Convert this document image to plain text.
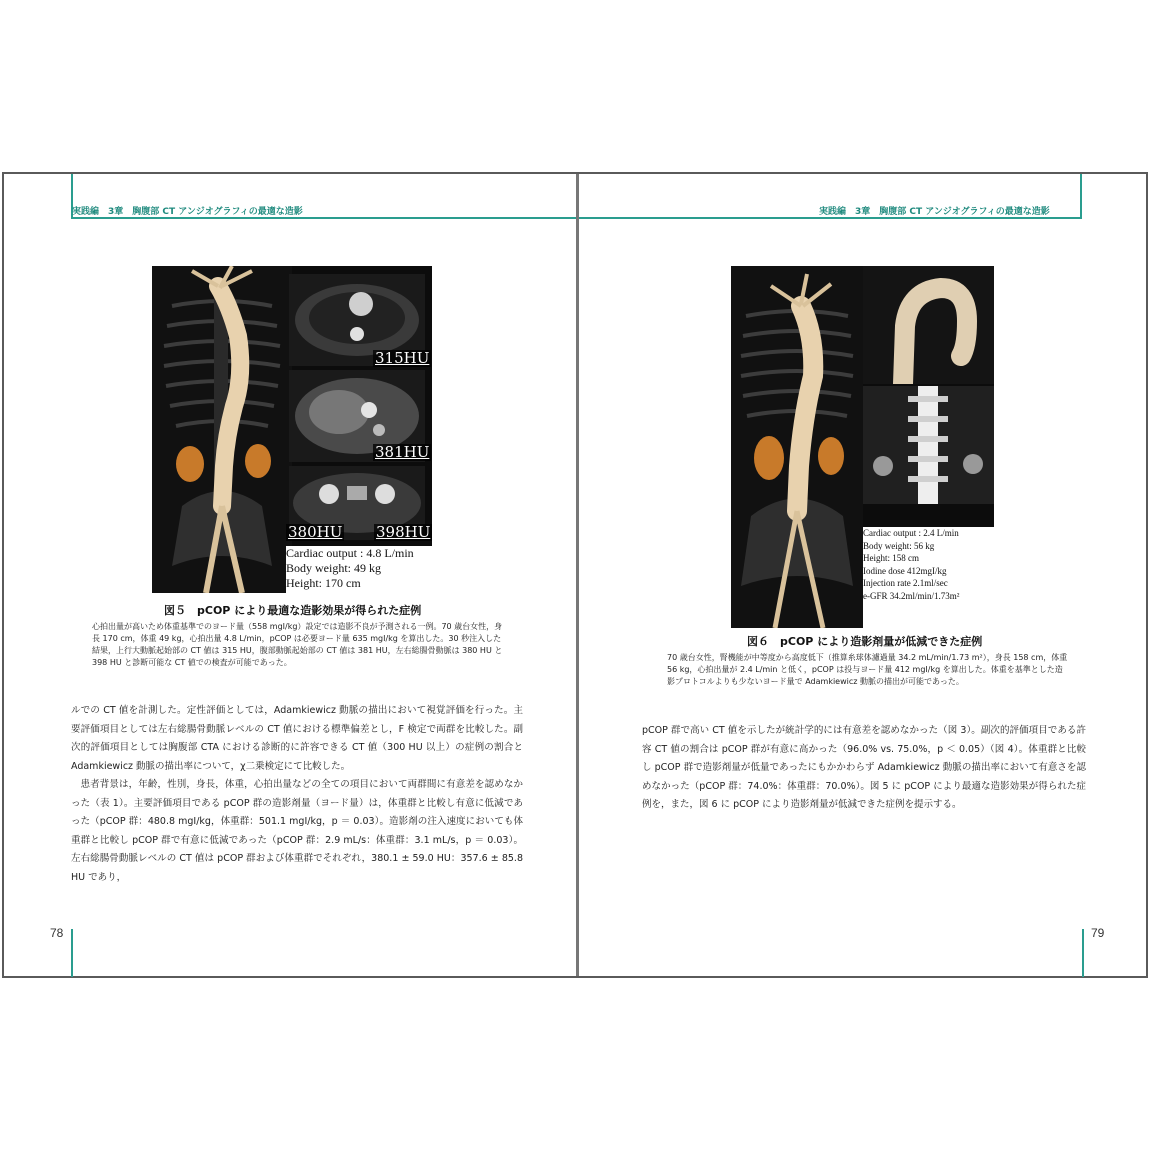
実践編　3章　胸腹部 CT アンジオグラフィの最適な造影
315HU
381HU
380HU 398HU
Cardiac output : 4.8 L/min
Body weight: 49 kg
Height: 170 cm
図５　pCOP により最適な造影効果が得られた症例
心拍出量が高いため体重基準でのヨード量（558 mgI/kg）設定では造影不良が予測される一例。70 歳台女性，身長 170 cm，体重 49 kg，心拍出量 4.8 L/min，pCOP は必要ヨード量 635 mgI/kg を算出した。30 秒注入した結果，上行大動脈起始部の CT 値は 315 HU，腹部動脈起始部の CT 値は 381 HU，左右総腸骨動脈は 380 HU と 398 HU と診断可能な CT 値での検査が可能であった。

ルでの CT 値を計測した。定性評価としては，Adamkiewicz 動脈の描出において視覚評価を行った。主要評価項目としては左右総腸骨動脈レベルの CT 値における標準偏差とし，F 検定で両群を比較した。副次的評価項目としては胸腹部 CTA における診断的に許容できる CT 値（300 HU 以上）の症例の割合と Adamkiewicz 動脈の描出率について，χ二乗検定にて比較した。

患者背景は，年齢，性別，身長，体重，心拍出量などの全ての項目において両群間に有意差を認めなかった（表 1）。主要評価項目である pCOP 群の造影剤量（ヨード量）は，体重群と比較し有意に低減であった（pCOP 群：480.8 mgI/kg，体重群：501.1 mgI/kg，p ＝ 0.03）。造影剤の注入速度においても体重群と比較し pCOP 群で有意に低減であった（pCOP 群：2.9 mL/s：体重群：3.1 mL/s，p ＝ 0.03）。左右総腸骨動脈レベルの CT 値は pCOP 群および体重群でそれぞれ，380.1 ± 59.0 HU：357.6 ± 85.8 HU であり，

78
実践編　3章　胸腹部 CT アンジオグラフィの最適な造影
Cardiac output : 2.4 L/min
Body weight: 56 kg
Height: 158 cm
Iodine dose 412mgI/kg
Injection rate 2.1ml/sec
e-GFR 34.2ml/min/1.73m²
図６　pCOP により造影剤量が低減できた症例
70 歳台女性，腎機能が中等度から高度低下（推算糸球体濾過量 34.2 mL/min/1.73 m²），身長 158 cm，体重 56 kg，心拍出量が 2.4 L/min と低く，pCOP は投与ヨード量 412 mgI/kg を算出した。体重を基準とした造影プロトコルよりも少ないヨード量で Adamkiewicz 動脈の描出が可能であった。

pCOP 群で高い CT 値を示したが統計学的には有意差を認めなかった（図 3）。副次的評価項目である許容 CT 値の割合は pCOP 群が有意に高かった（96.0% vs. 75.0%，p ＜ 0.05）（図 4）。体重群と比較し pCOP 群で造影剤量が低量であったにもかかわらず Adamkiewicz 動脈の描出率において有意さを認めなかった（pCOP 群：74.0%：体重群：70.0%）。図 5 に pCOP により最適な造影効果が得られた症例を，また，図 6 に pCOP により造影剤量が低減できた症例を提示する。

79
